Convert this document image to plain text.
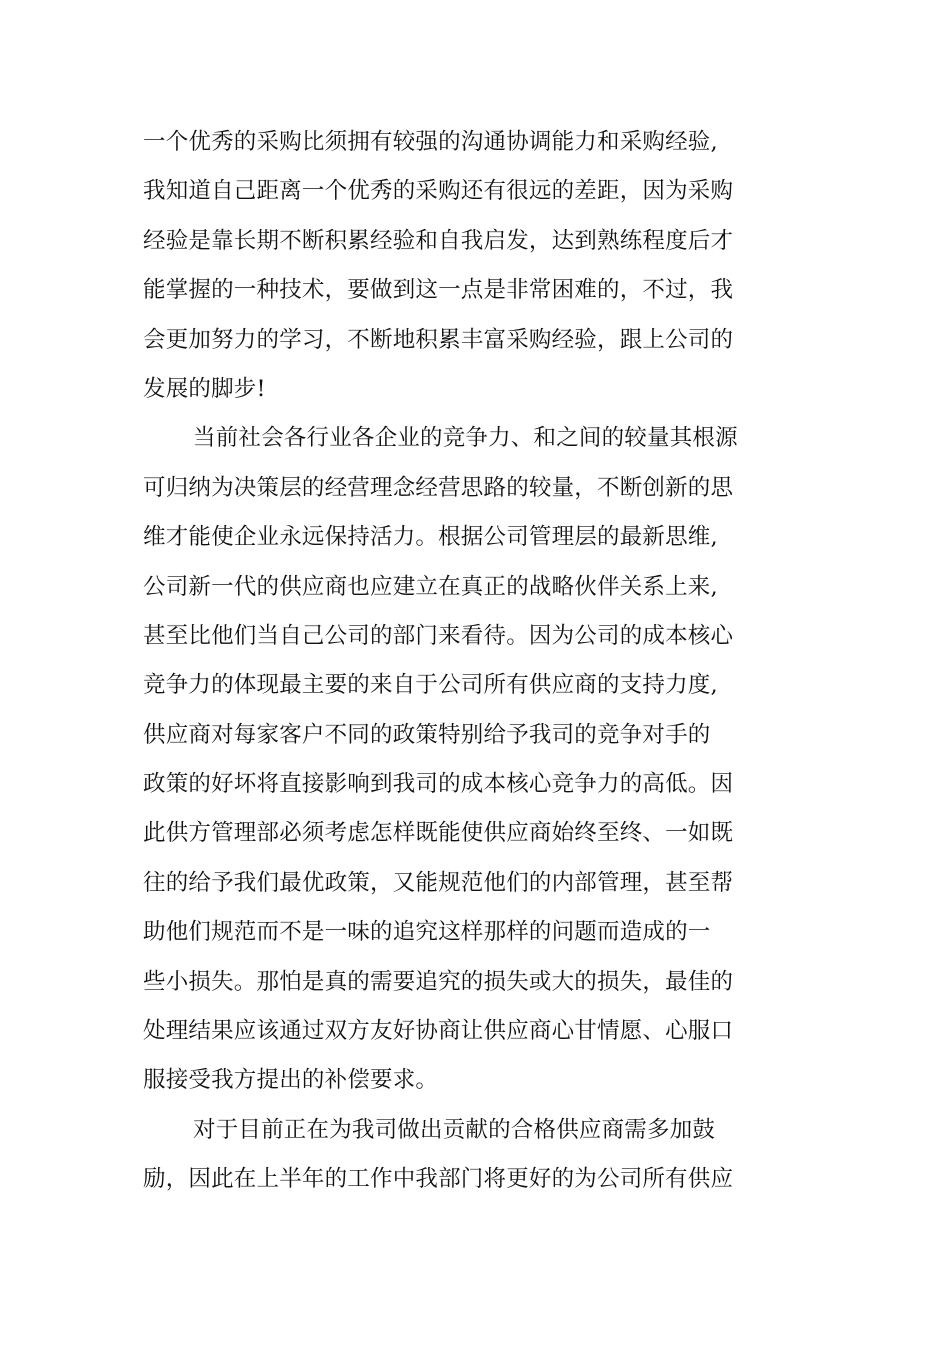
一个优秀的采购比须拥有较强的沟通协调能力和采购经验,
我知道自己距离一个优秀的采购还有很远的差距，因为采购
经验是靠长期不断积累经验和自我启发，达到熟练程度后才
能掌握的一种技术，要做到这一点是非常困难的，不过，我
会更加努力的学习，不断地积累丰富采购经验，跟上公司的
发展的脚步!
当前社会各行业各企业的竞争力、和之间的较量其根源
可归纳为决策层的经营理念经营思路的较量，不断创新的思
维才能使企业永远保持活力。根据公司管理层的最新思维,
公司新一代的供应商也应建立在真正的战略伙伴关系上来,
甚至比他们当自己公司的部门来看待。因为公司的成本核心
竞争力的体现最主要的来自于公司所有供应商的支持力度,
供应商对每家客户不同的政策特别给予我司的竞争对手的
政策的好坏将直接影响到我司的成本核心竞争力的高低。因
此供方管理部必须考虑怎样既能使供应商始终至终、一如既
往的给予我们最优政策，又能规范他们的内部管理，甚至帮
助他们规范而不是一味的追究这样那样的问题而造成的一
些小损失。那怕是真的需要追究的损失或大的损失，最佳的
处理结果应该通过双方友好协商让供应商心甘情愿、心服口
服接受我方提出的补偿要求。
对于目前正在为我司做出贡献的合格供应商需多加鼓
励，因此在上半年的工作中我部门将更好的为公司所有供应
